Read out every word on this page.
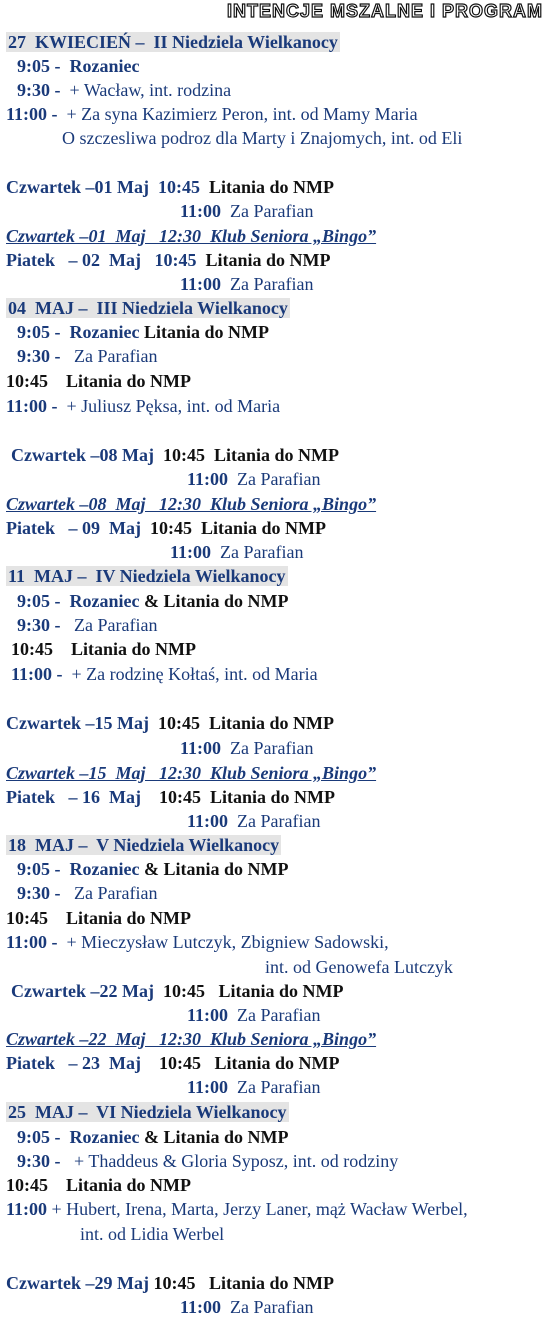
INTENCJE MSZALNE I PROGRAM
27  KWIECIEŃ –  II Niedziela Wielkanocy
9:05 -  Rozaniec
9:30 -  + Wacław, int. rodzina
11:00 -  + Za syna Kazimierz Peron, int. od Mamy Maria
O szczesliwa podroz dla Marty i Znajomych, int. od Eli
Czwartek –01 Maj  10:45  Litania do NMP
11:00  Za Parafian
Czwartek –01  Maj   12:30  Klub Seniora „Bingo”
Piatek   – 02  Maj   10:45  Litania do NMP
11:00  Za Parafian
04  MAJ –  III Niedziela Wielkanocy
9:05 -  Rozaniec Litania do NMP
9:30 -   Za Parafian
10:45    Litania do NMP
11:00 -  + Juliusz Pęksa, int. od Maria
Czwartek –08 Maj  10:45  Litania do NMP
11:00  Za Parafian
Czwartek –08  Maj   12:30  Klub Seniora „Bingo”
Piatek   – 09  Maj  10:45  Litania do NMP
11:00  Za Parafian
11  MAJ –  IV Niedziela Wielkanocy
9:05 -  Rozaniec & Litania do NMP
9:30 -   Za Parafian
10:45    Litania do NMP
11:00 -  + Za rodzinę Kołtaś, int. od Maria
Czwartek –15 Maj  10:45  Litania do NMP
11:00  Za Parafian
Czwartek –15  Maj   12:30  Klub Seniora „Bingo”
Piatek   – 16  Maj    10:45  Litania do NMP
11:00  Za Parafian
18  MAJ –  V Niedziela Wielkanocy
9:05 -  Rozaniec & Litania do NMP
9:30 -   Za Parafian
10:45    Litania do NMP
11:00 -  + Mieczysław Lutczyk, Zbigniew Sadowski,
int. od Genowefa Lutczyk
Czwartek –22 Maj  10:45   Litania do NMP
11:00  Za Parafian
Czwartek –22  Maj   12:30  Klub Seniora „Bingo”
Piatek   – 23  Maj    10:45   Litania do NMP
11:00  Za Parafian
25  MAJ –  VI Niedziela Wielkanocy
9:05 -  Rozaniec & Litania do NMP
9:30 -   + Thaddeus & Gloria Syposz, int. od rodziny
10:45    Litania do NMP
11:00 + Hubert, Irena, Marta, Jerzy Laner, mąż Wacław Werbel,
int. od Lidia Werbel
Czwartek –29 Maj 10:45   Litania do NMP
11:00  Za Parafian
